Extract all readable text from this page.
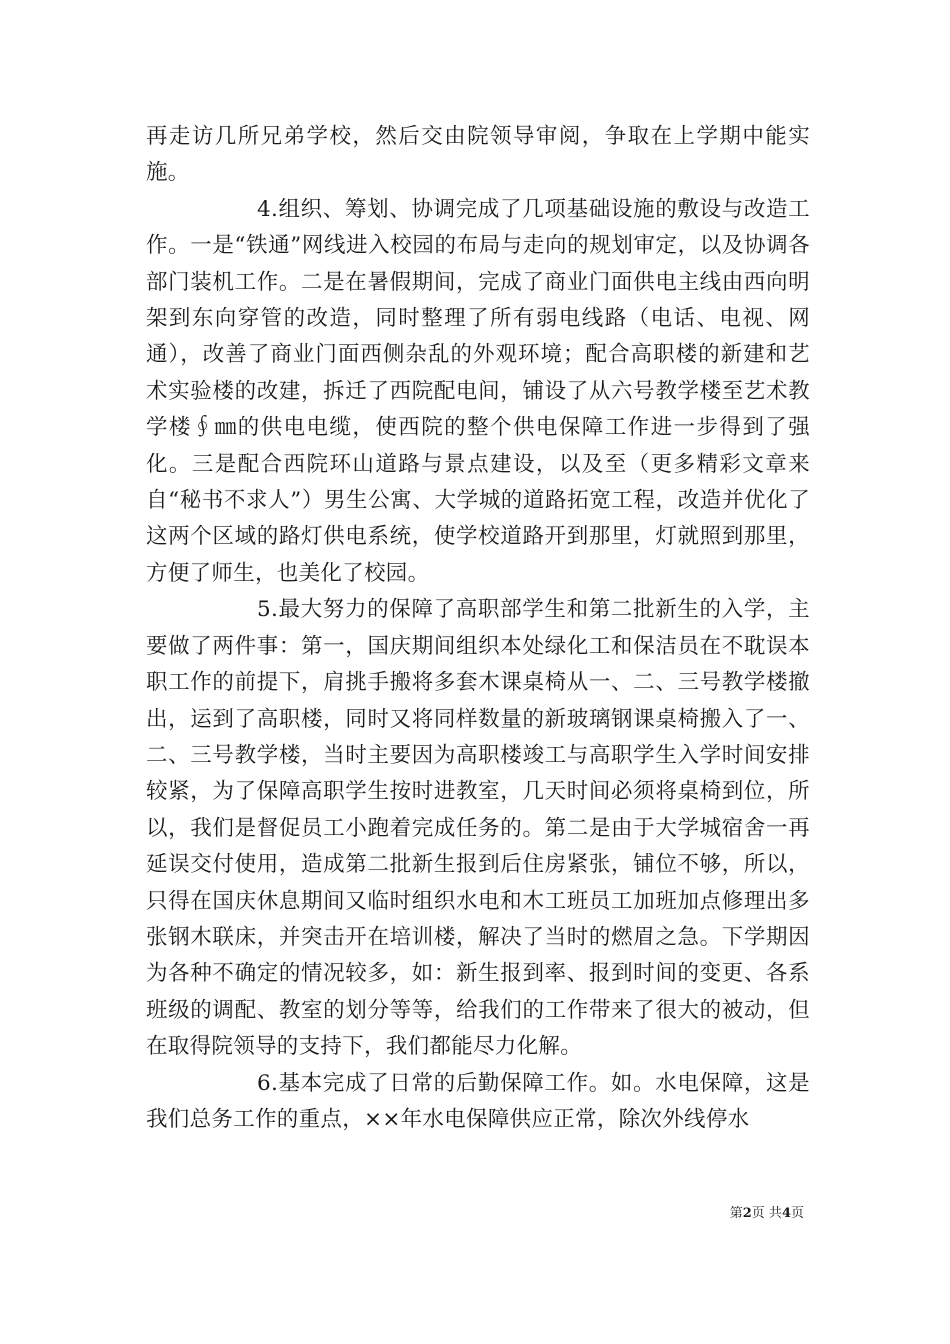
再走访几所兄弟学校，然后交由院领导审阅，争取在上学期中能实施。

4.组织、筹划、协调完成了几项基础设施的敷设与改造工作。一是“铁通”网线进入校园的布局与走向的规划审定，以及协调各部门装机工作。二是在暑假期间，完成了商业门面供电主线由西向明架到东向穿管的改造，同时整理了所有弱电线路（电话、电视、网通），改善了商业门面西侧杂乱的外观环境；配合高职楼的新建和艺术实验楼的改建，拆迁了西院配电间，铺设了从六号教学楼至艺术教学楼∮㎜的供电电缆，使西院的整个供电保障工作进一步得到了强化。三是配合西院环山道路与景点建设，以及至（更多精彩文章来自“秘书不求人”）男生公寓、大学城的道路拓宽工程，改造并优化了这两个区域的路灯供电系统，使学校道路开到那里，灯就照到那里，方便了师生，也美化了校园。

5.最大努力的保障了高职部学生和第二批新生的入学，主要做了两件事：第一，国庆期间组织本处绿化工和保洁员在不耽误本职工作的前提下，肩挑手搬将多套木课桌椅从一、二、三号教学楼撤出，运到了高职楼，同时又将同样数量的新玻璃钢课桌椅搬入了一、二、三号教学楼，当时主要因为高职楼竣工与高职学生入学时间安排较紧，为了保障高职学生按时进教室，几天时间必须将桌椅到位，所以，我们是督促员工小跑着完成任务的。第二是由于大学城宿舍一再延误交付使用，造成第二批新生报到后住房紧张，铺位不够，所以，只得在国庆休息期间又临时组织水电和木工班员工加班加点修理出多张钢木联床，并突击开在培训楼，解决了当时的燃眉之急。下学期因为各种不确定的情况较多，如：新生报到率、报到时间的变更、各系班级的调配、教室的划分等等，给我们的工作带来了很大的被动，但在取得院领导的支持下，我们都能尽力化解。

6.基本完成了日常的后勤保障工作。如。水电保障，这是我们总务工作的重点，××年水电保障供应正常，除次外线停水

第2页 共4页
